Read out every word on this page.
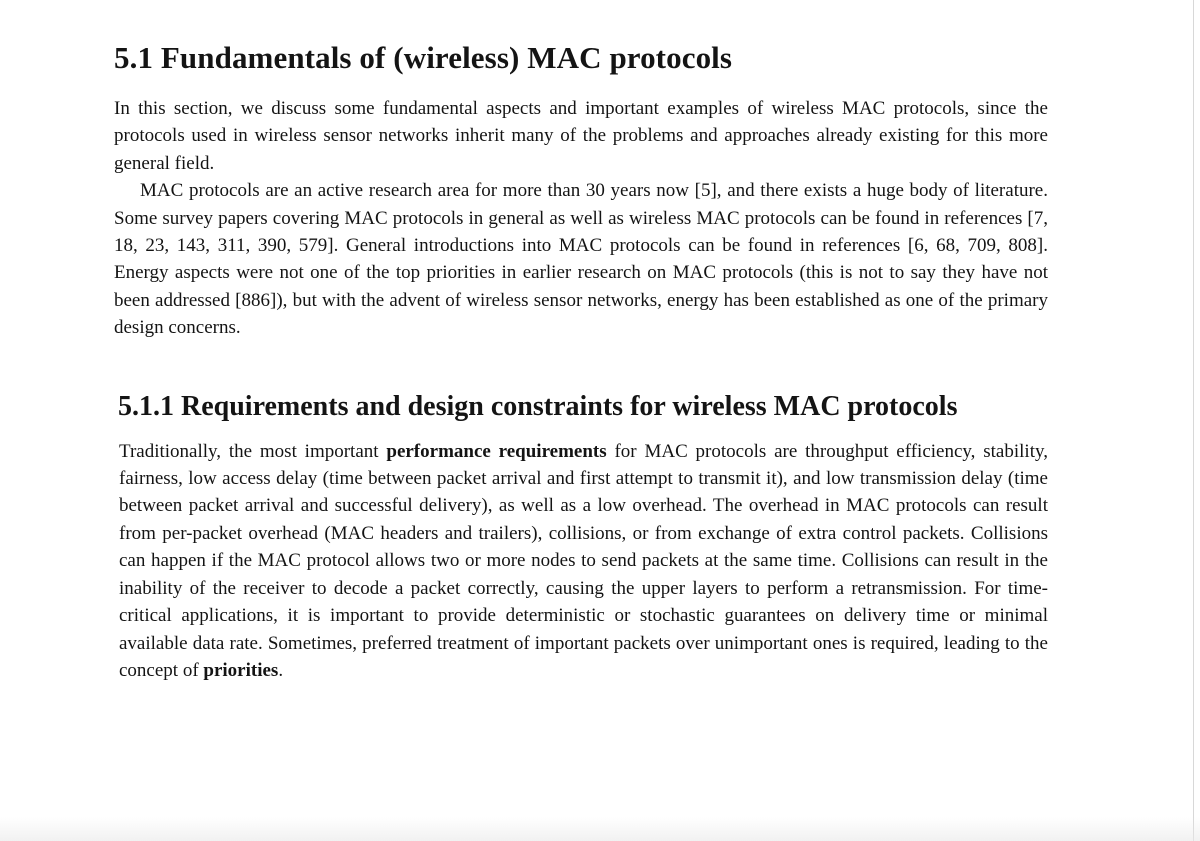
5.1 Fundamentals of (wireless) MAC protocols

In this section, we discuss some fundamental aspects and important examples of wireless MAC protocols, since the protocols used in wireless sensor networks inherit many of the problems and approaches already existing for this more general field.

MAC protocols are an active research area for more than 30 years now [5], and there exists a huge body of literature. Some survey papers covering MAC protocols in general as well as wireless MAC protocols can be found in references [7, 18, 23, 143, 311, 390, 579]. General introductions into MAC protocols can be found in references [6, 68, 709, 808]. Energy aspects were not one of the top priorities in earlier research on MAC protocols (this is not to say they have not been addressed [886]), but with the advent of wireless sensor networks, energy has been established as one of the primary design concerns.

5.1.1 Requirements and design constraints for wireless MAC protocols

Traditionally, the most important performance requirements for MAC protocols are throughput efficiency, stability, fairness, low access delay (time between packet arrival and first attempt to transmit it), and low transmission delay (time between packet arrival and successful delivery), as well as a low overhead. The overhead in MAC protocols can result from per-packet overhead (MAC headers and trailers), collisions, or from exchange of extra control packets. Collisions can happen if the MAC protocol allows two or more nodes to send packets at the same time. Collisions can result in the inability of the receiver to decode a packet correctly, causing the upper layers to perform a retransmission. For time-critical applications, it is important to provide deterministic or stochastic guarantees on delivery time or minimal available data rate. Sometimes, preferred treatment of important packets over unimportant ones is required, leading to the concept of priorities.
